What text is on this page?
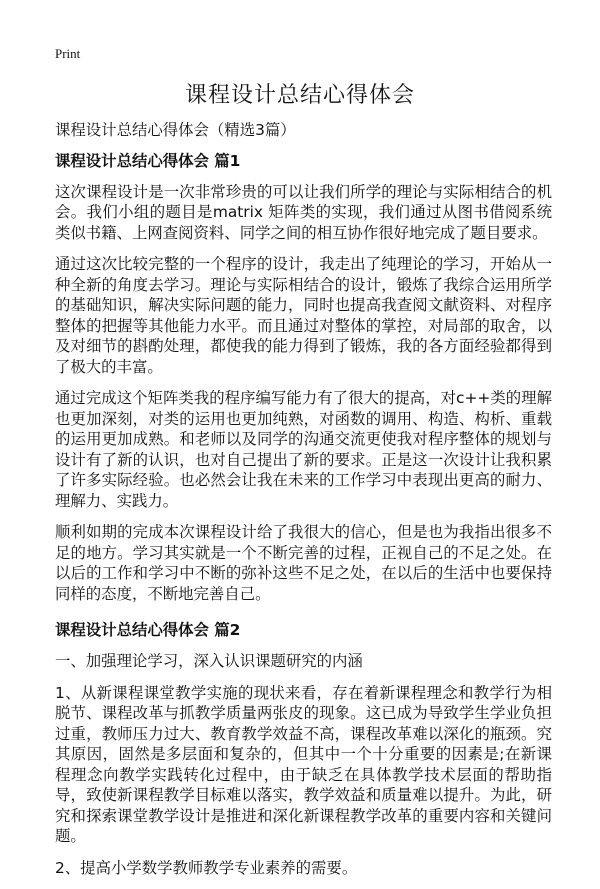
Print
课程设计总结心得体会
课程设计总结心得体会（精选3篇）
课程设计总结心得体会 篇1

这次课程设计是一次非常珍贵的可以让我们所学的理论与实际相结合的机会。我们小组的题目是matrix 矩阵类的实现，我们通过从图书借阅系统类似书籍、上网查阅资料、同学之间的相互协作很好地完成了题目要求。

通过这次比较完整的一个程序的设计，我走出了纯理论的学习，开始从一种全新的角度去学习。理论与实际相结合的设计，锻炼了我综合运用所学的基础知识，解决实际问题的能力，同时也提高我查阅文献资料、对程序整体的把握等其他能力水平。而且通过对整体的掌控，对局部的取舍，以及对细节的斟酌处理，都使我的能力得到了锻炼，我的各方面经验都得到了极大的丰富。

通过完成这个矩阵类我的程序编写能力有了很大的提高，对c++类的理解也更加深刻，对类的运用也更加纯熟，对函数的调用、构造、构析、重载的运用更加成熟。和老师以及同学的沟通交流更使我对程序整体的规划与设计有了新的认识，也对自己提出了新的要求。正是这一次设计让我积累了许多实际经验。也必然会让我在未来的工作学习中表现出更高的耐力、理解力、实践力。

顺利如期的完成本次课程设计给了我很大的信心，但是也为我指出很多不足的地方。学习其实就是一个不断完善的过程，正视自己的不足之处。在以后的工作和学习中不断的弥补这些不足之处，在以后的生活中也要保持同样的态度，不断地完善自己。

课程设计总结心得体会 篇2

一、加强理论学习，深入认识课题研究的内涵

1、从新课程课堂教学实施的现状来看，存在着新课程理念和教学行为相脱节、课程改革与抓教学质量两张皮的现象。这已成为导致学生学业负担过重，教师压力过大、教育教学效益不高，课程改革难以深化的瓶颈。究其原因，固然是多层面和复杂的，但其中一个十分重要的因素是;在新课程理念向教学实践转化过程中，由于缺乏在具体教学技术层面的帮助指导，致使新课程教学目标难以落实，教学效益和质量难以提升。为此，研究和探索课堂教学设计是推进和深化新课程教学改革的重要内容和关键问题。

2、提高小学数学教师教学专业素养的需要。
